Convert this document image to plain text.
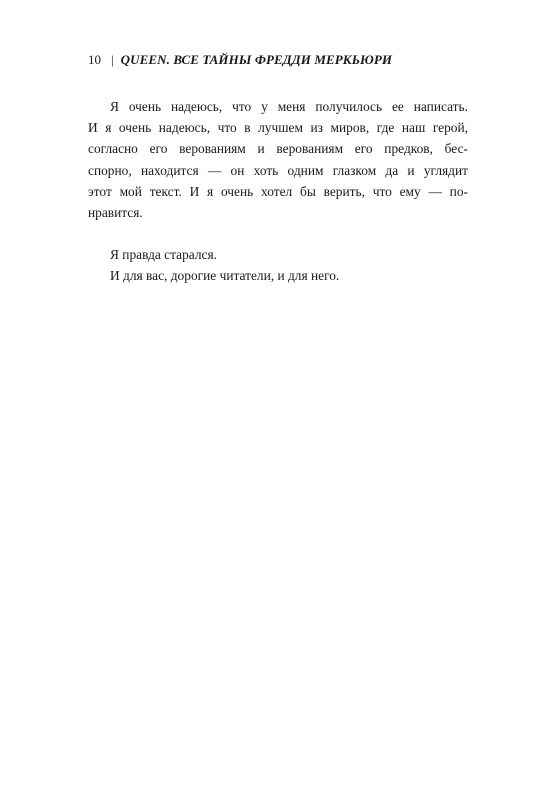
10 | QUEEN. ВСЕ ТАЙНЫ ФРЕДДИ МЕРКЬЮРИ
Я очень надеюсь, что у меня получилось ее написать.
И я очень надеюсь, что в лучшем из миров, где наш герой,
согласно его верованиям и верованиям его предков, бес-
спорно, находится — он хоть одним глазком да и углядит
этот мой текст. И я очень хотел бы верить, что ему — по-
нравится.
Я правда старался.
И для вас, дорогие читатели, и для него.
